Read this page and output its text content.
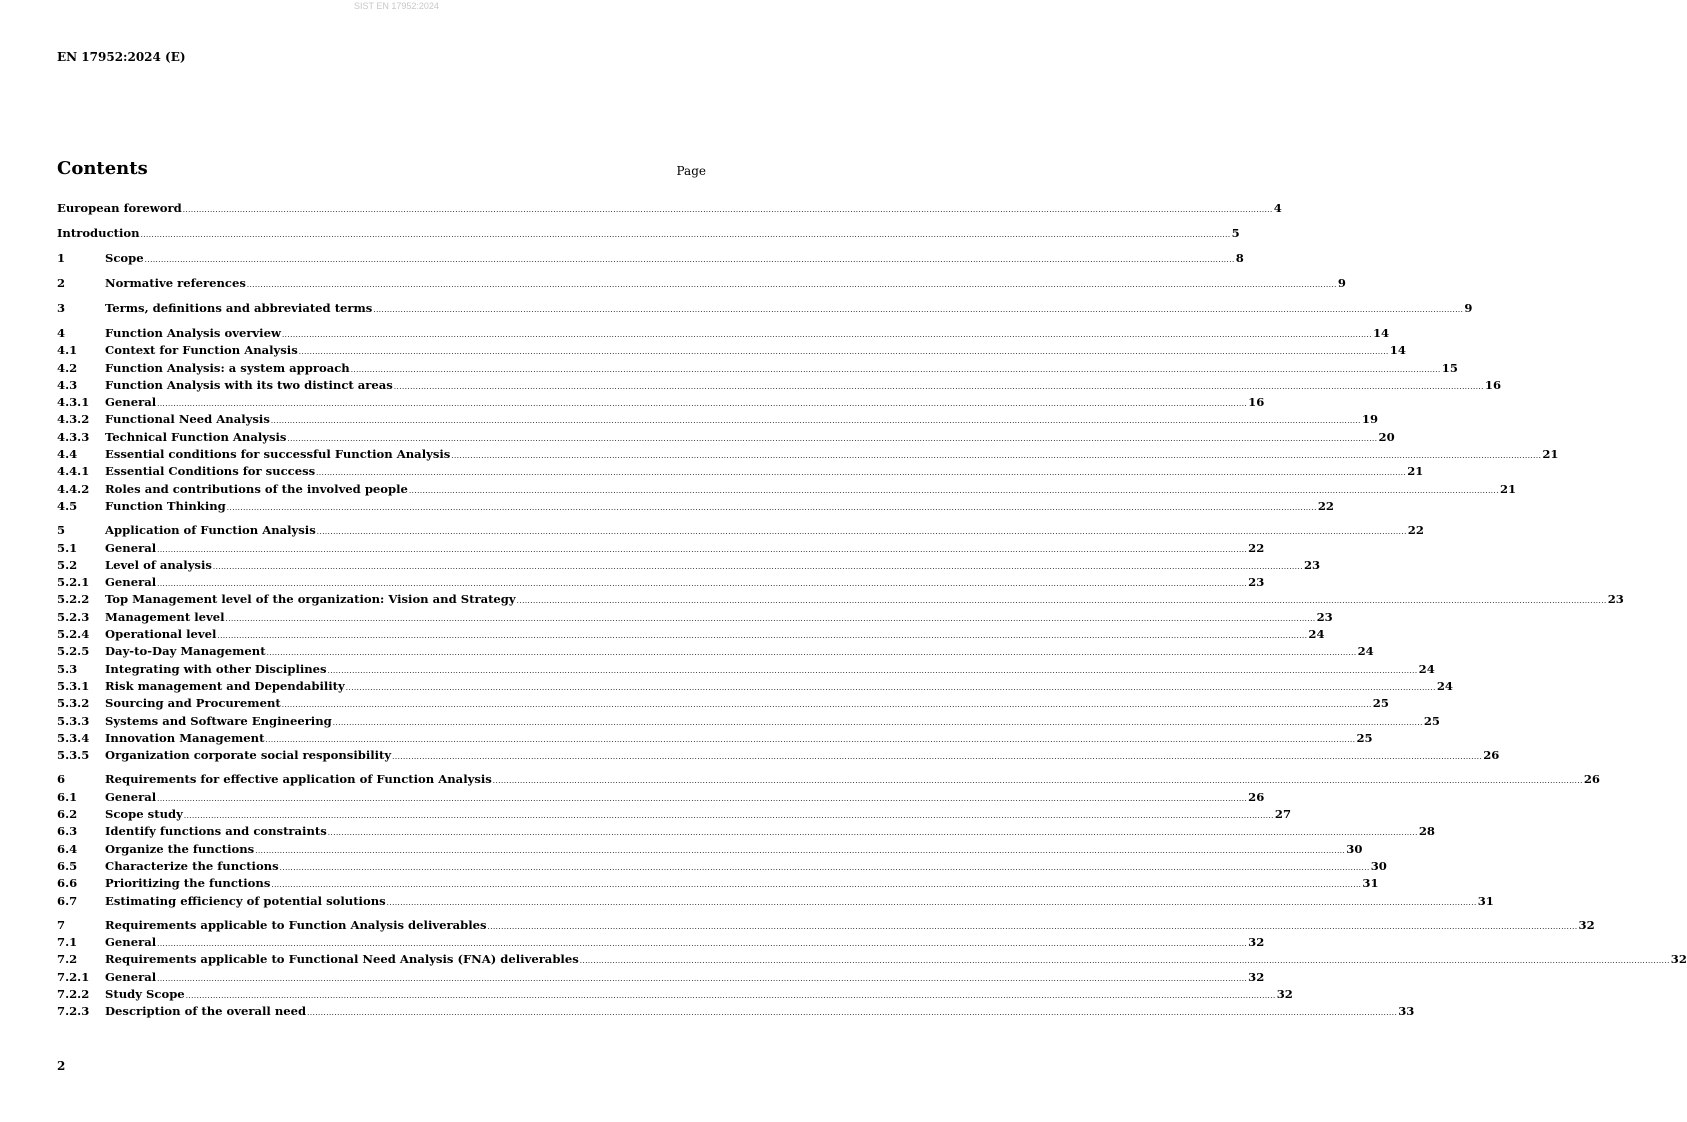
SIST EN 17952:2024
EN 17952:2024 (E)
Contents	Page
European foreword ................................................................................................................................................................................................................................................................................................................................................................................................................ 4
Introduction ................................................................................................................................................................................................................................................................................................................................................................................................................ 5
1	Scope ................................................................................................................................................................................................................................................................................................................................................................................................................ 8
2	Normative references ................................................................................................................................................................................................................................................................................................................................................................................................................ 9
3	Terms, definitions and abbreviated terms ................................................................................................................................................................................................................................................................................................................................................................................................................ 9
4	Function Analysis overview ................................................................................................................................................................................................................................................................................................................................................................................................................ 14
4.1	Context for Function Analysis ................................................................................................................................................................................................................................................................................................................................................................................................................ 14
4.2	Function Analysis: a system approach ................................................................................................................................................................................................................................................................................................................................................................................................................ 15
4.3	Function Analysis with its two distinct areas ................................................................................................................................................................................................................................................................................................................................................................................................................ 16
4.3.1	General ................................................................................................................................................................................................................................................................................................................................................................................................................ 16
4.3.2	Functional Need Analysis ................................................................................................................................................................................................................................................................................................................................................................................................................ 19
4.3.3	Technical Function Analysis ................................................................................................................................................................................................................................................................................................................................................................................................................ 20
4.4	Essential conditions for successful Function Analysis ................................................................................................................................................................................................................................................................................................................................................................................................................ 21
4.4.1	Essential Conditions for success ................................................................................................................................................................................................................................................................................................................................................................................................................ 21
4.4.2	Roles and contributions of the involved people ................................................................................................................................................................................................................................................................................................................................................................................................................ 21
4.5	Function Thinking ................................................................................................................................................................................................................................................................................................................................................................................................................ 22
5	Application of Function Analysis ................................................................................................................................................................................................................................................................................................................................................................................................................ 22
5.1	General ................................................................................................................................................................................................................................................................................................................................................................................................................ 22
5.2	Level of analysis ................................................................................................................................................................................................................................................................................................................................................................................................................ 23
5.2.1	General ................................................................................................................................................................................................................................................................................................................................................................................................................ 23
5.2.2	Top Management level of the organization: Vision and Strategy ................................................................................................................................................................................................................................................................................................................................................................................................................ 23
5.2.3	Management level ................................................................................................................................................................................................................................................................................................................................................................................................................ 23
5.2.4	Operational level ................................................................................................................................................................................................................................................................................................................................................................................................................ 24
5.2.5	Day-to-Day Management ................................................................................................................................................................................................................................................................................................................................................................................................................ 24
5.3	Integrating with other Disciplines ................................................................................................................................................................................................................................................................................................................................................................................................................ 24
5.3.1	Risk management and Dependability ................................................................................................................................................................................................................................................................................................................................................................................................................ 24
5.3.2	Sourcing and Procurement ................................................................................................................................................................................................................................................................................................................................................................................................................ 25
5.3.3	Systems and Software Engineering ................................................................................................................................................................................................................................................................................................................................................................................................................ 25
5.3.4	Innovation Management ................................................................................................................................................................................................................................................................................................................................................................................................................ 25
5.3.5	Organization corporate social responsibility ................................................................................................................................................................................................................................................................................................................................................................................................................ 26
6	Requirements for effective application of Function Analysis ................................................................................................................................................................................................................................................................................................................................................................................................................ 26
6.1	General ................................................................................................................................................................................................................................................................................................................................................................................................................ 26
6.2	Scope study ................................................................................................................................................................................................................................................................................................................................................................................................................ 27
6.3	Identify functions and constraints ................................................................................................................................................................................................................................................................................................................................................................................................................ 28
6.4	Organize the functions ................................................................................................................................................................................................................................................................................................................................................................................................................ 30
6.5	Characterize the functions ................................................................................................................................................................................................................................................................................................................................................................................................................ 30
6.6	Prioritizing the functions ................................................................................................................................................................................................................................................................................................................................................................................................................ 31
6.7	Estimating efficiency of potential solutions ................................................................................................................................................................................................................................................................................................................................................................................................................ 31
7	Requirements applicable to Function Analysis deliverables ................................................................................................................................................................................................................................................................................................................................................................................................................ 32
7.1	General ................................................................................................................................................................................................................................................................................................................................................................................................................ 32
7.2	Requirements applicable to Functional Need Analysis (FNA) deliverables ................................................................................................................................................................................................................................................................................................................................................................................................................ 32
7.2.1	General ................................................................................................................................................................................................................................................................................................................................................................................................................ 32
7.2.2	Study Scope ................................................................................................................................................................................................................................................................................................................................................................................................................ 32
7.2.3	Description of the overall need ................................................................................................................................................................................................................................................................................................................................................................................................................ 33
2
